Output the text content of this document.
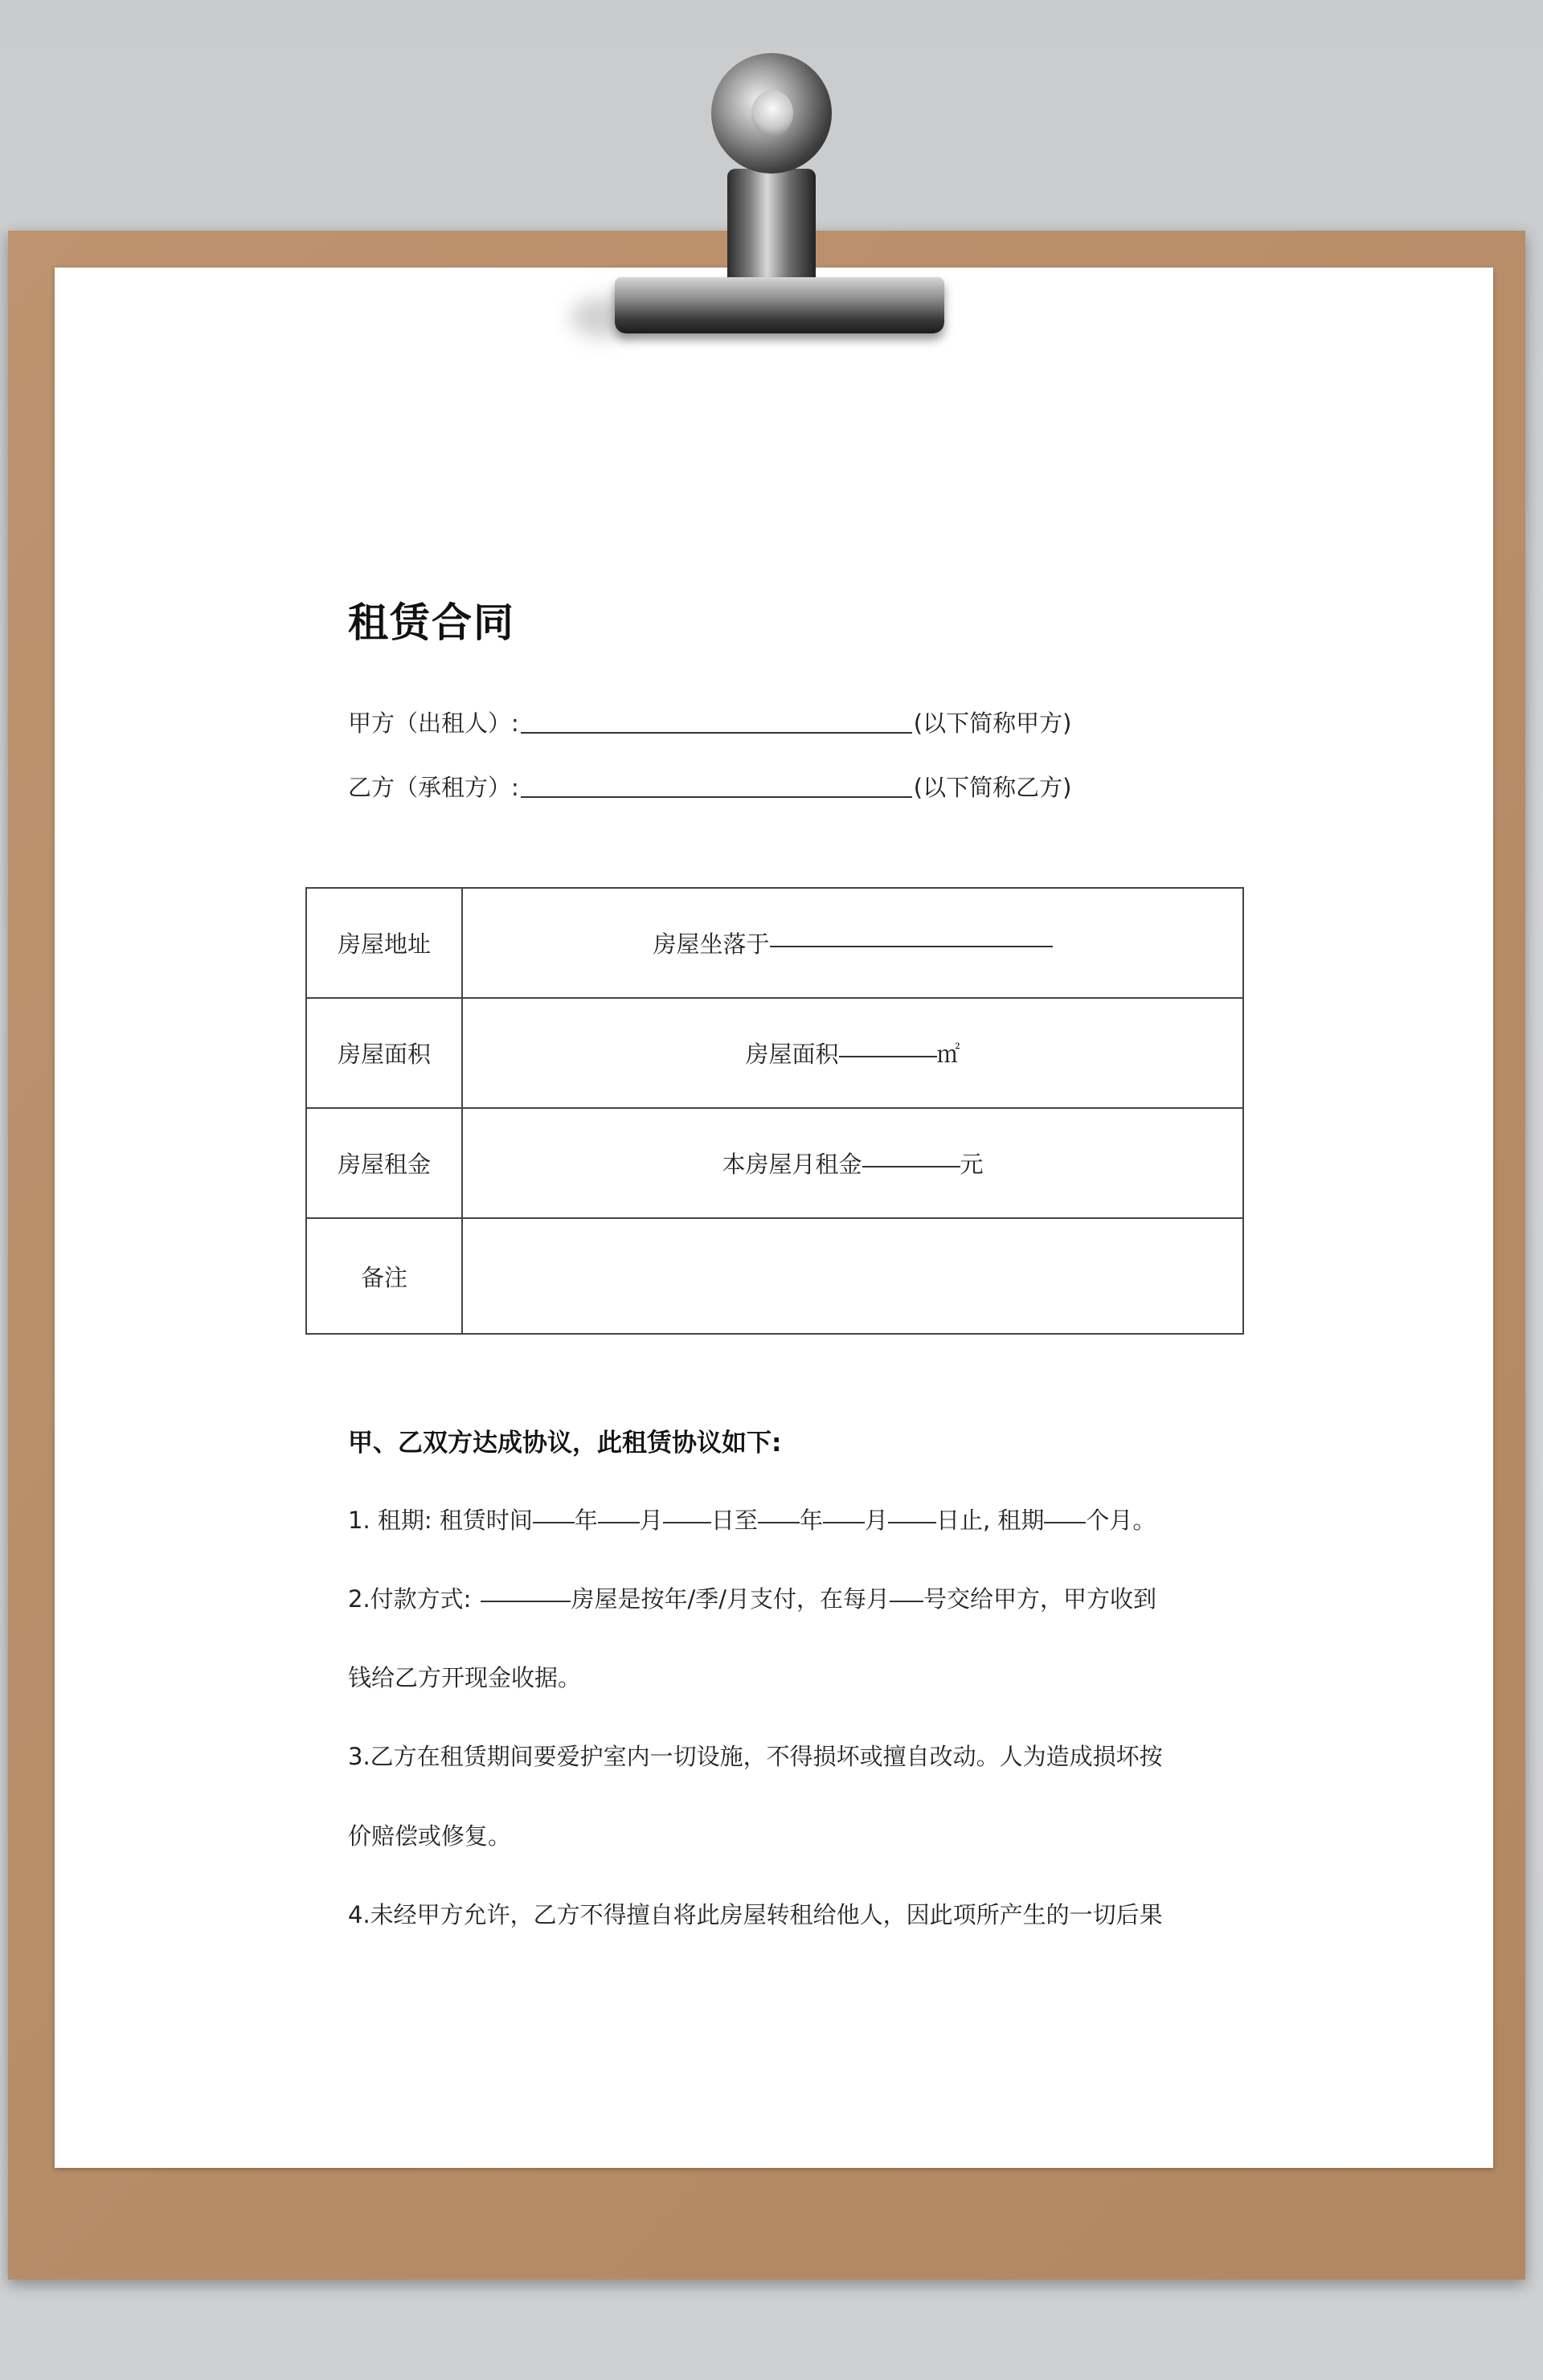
租赁合同
甲方（出租人）:	(以下简称甲方)
乙方（承租方）:	(以下简称乙方)
房屋地址	房屋坐落于
房屋面积	房屋面积 ㎡
房屋租金	本房屋月租金 元
备注	
甲、乙双方达成协议，此租赁协议如下:
1. 租期: 租赁时间 年 月 日至 年 月 日止, 租期 个月。
2.付款方式:	房屋是按年/季/月支付，在每月 号交给甲方，甲方收到
钱给乙方开现金收据。
3.乙方在租赁期间要爱护室内一切设施，不得损坏或擅自改动。人为造成损坏按
价赔偿或修复。
4.未经甲方允许，乙方不得擅自将此房屋转租给他人，因此项所产生的一切后果
